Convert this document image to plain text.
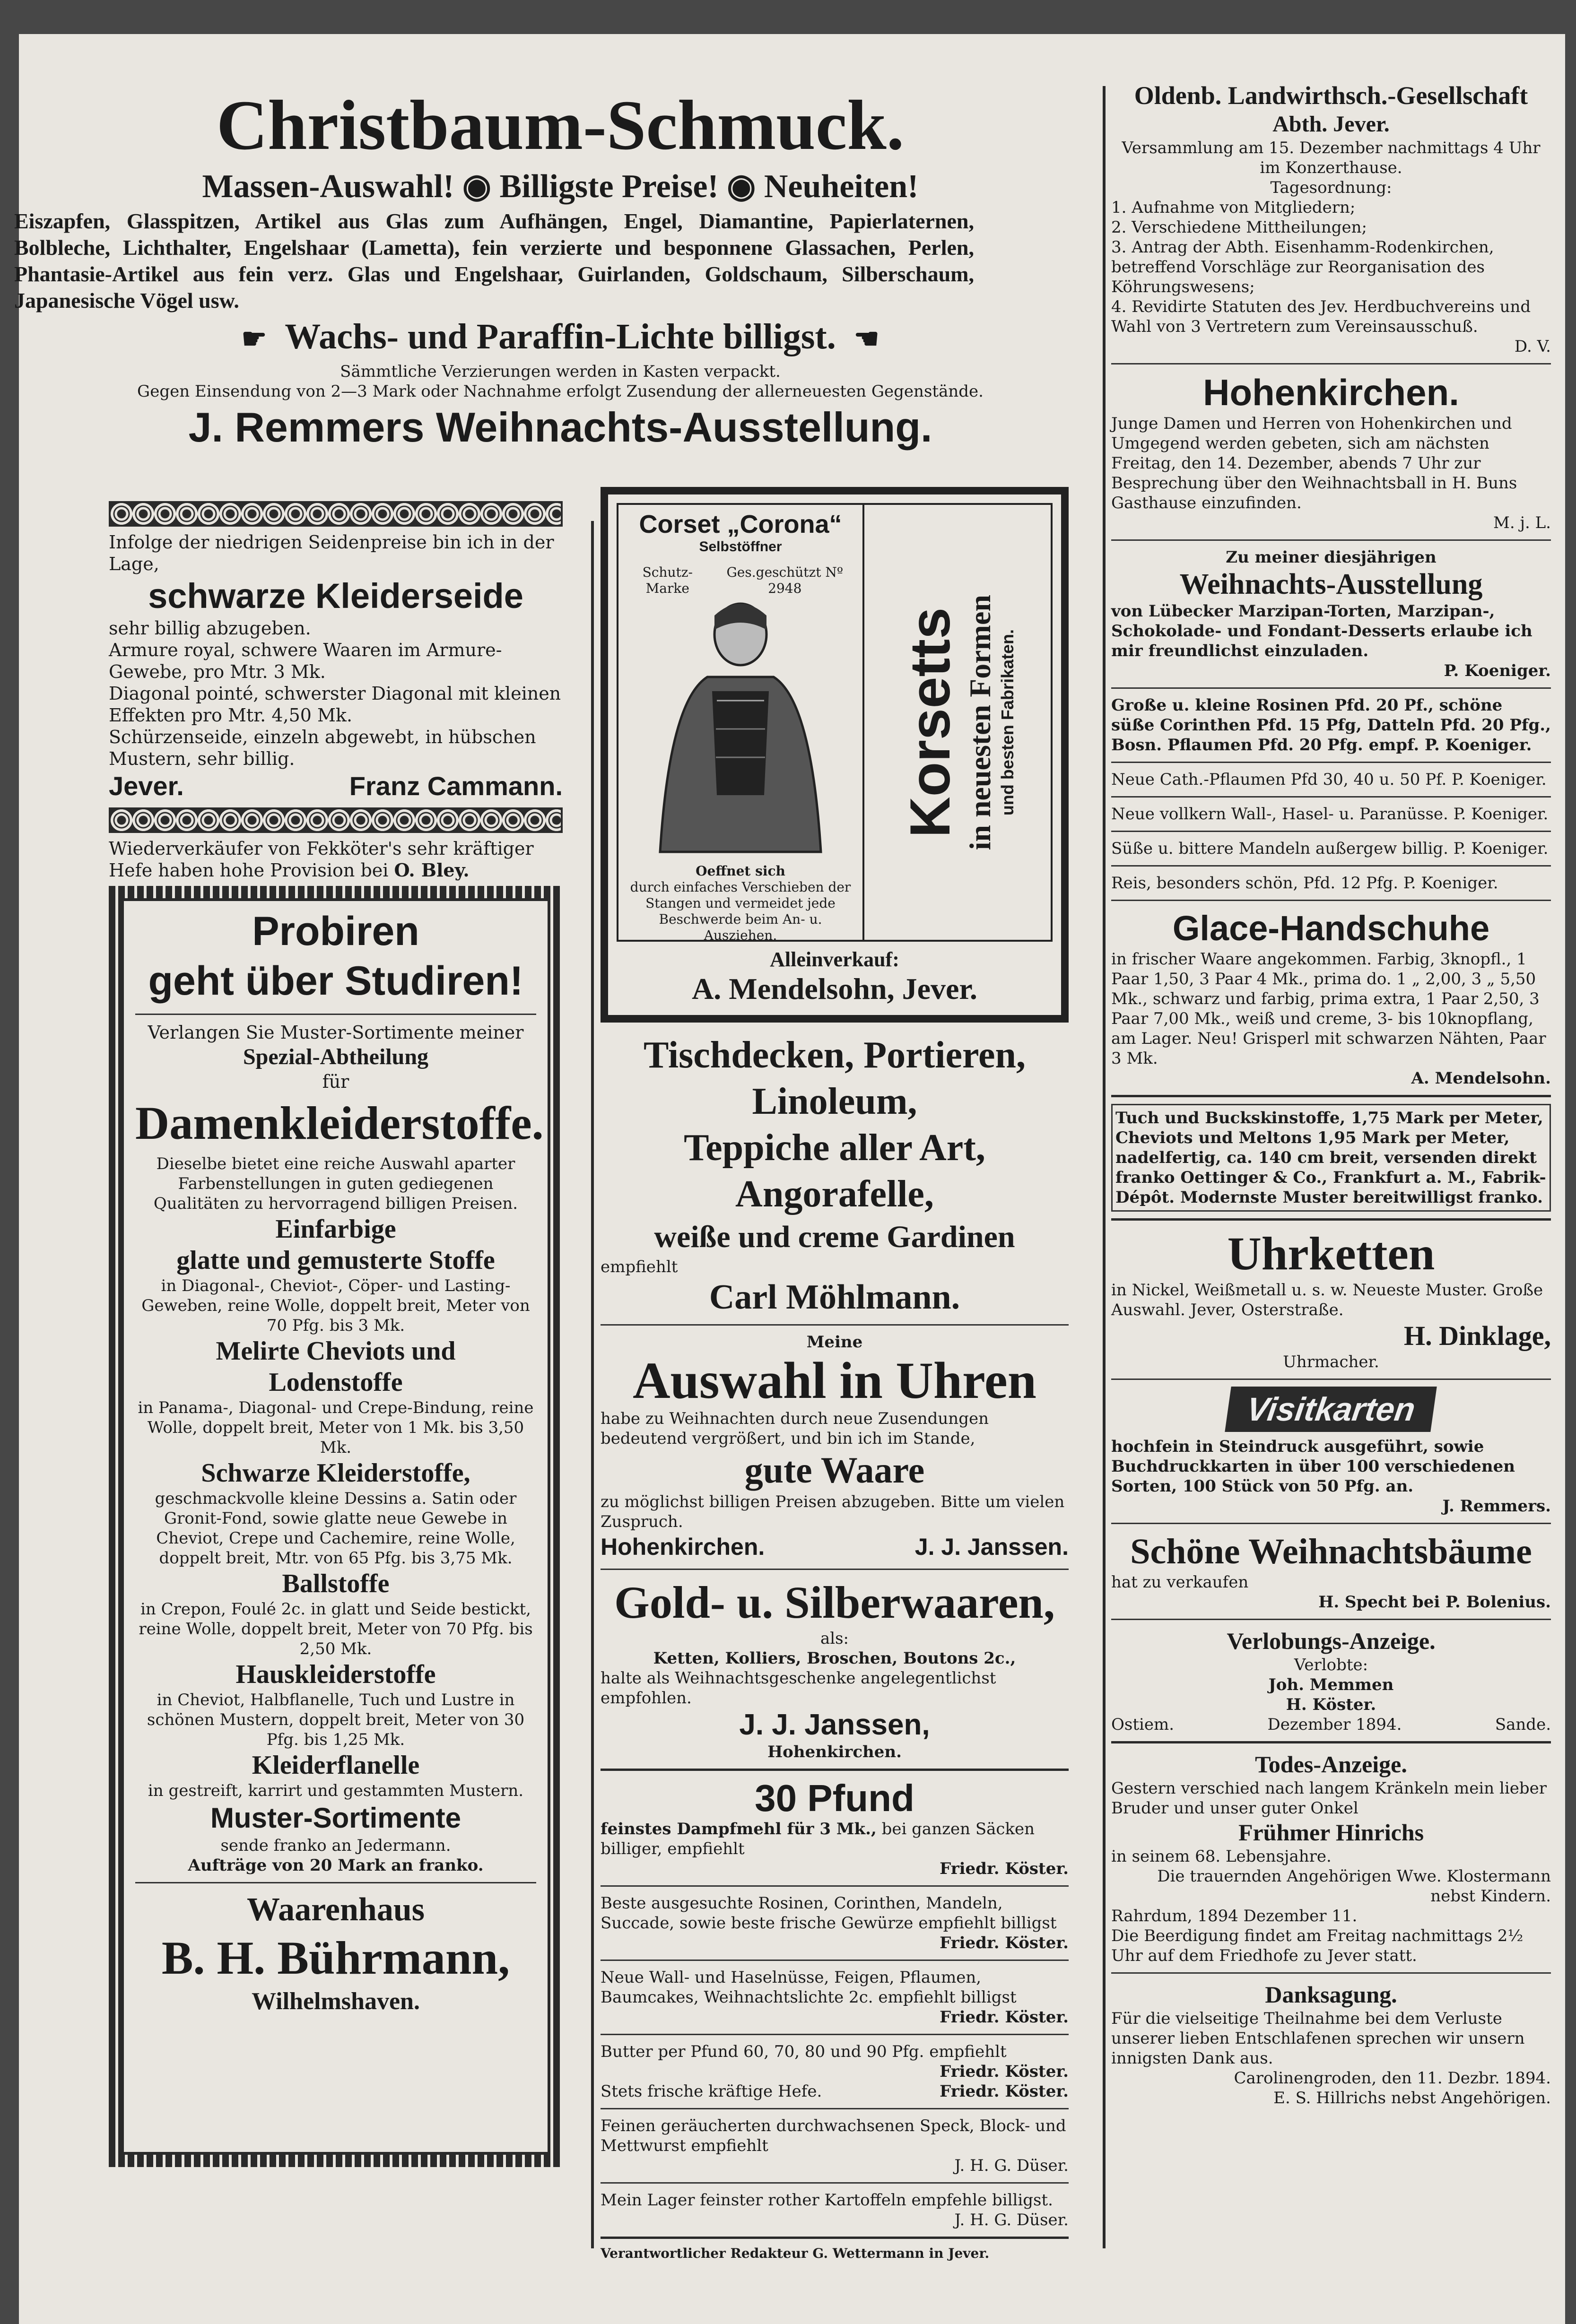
Christbaum-Schmuck.
Massen-Auswahl! ◉ Billigste Preise! ◉ Neuheiten!
Eiszapfen, Glasspitzen, Artikel aus Glas zum Aufhängen, Engel, Diamantine, Papierlaternen, Bolbleche, Lichthalter, Engelshaar (Lametta), fein verzierte und besponnene Glassachen, Perlen, Phantasie-Artikel aus fein verz. Glas und Engelshaar, Guirlanden, Goldschaum, Silberschaum, Japanesische Vögel usw.
☛ Wachs- und Paraffin-Lichte billigst. ☚
Sämmtliche Verzierungen werden in Kasten verpackt.
Gegen Einsendung von 2—3 Mark oder Nachnahme erfolgt Zusendung der allerneuesten Gegenstände.
J. Remmers Weihnachts-Ausstellung.
Infolge der niedrigen Seidenpreise bin ich in der Lage,
schwarze Kleiderseide
sehr billig abzugeben.
Armure royal, schwere Waaren im Armure-Gewebe, pro Mtr. 3 Mk.
Diagonal pointé, schwerster Diagonal mit kleinen Effekten pro Mtr. 4,50 Mk.
Schürzenseide, einzeln abgewebt, in hübschen Mustern, sehr billig.
Jever.	Franz Cammann.
Wiederverkäufer von Fekköter's sehr kräftiger Hefe haben hohe Provision bei O. Bley.
Probiren
geht über Studiren!
Verlangen Sie Muster-Sortimente meiner
Spezial-Abtheilung
für
Damenkleiderstoffe.
Dieselbe bietet eine reiche Auswahl aparter Farbenstellungen in guten gediegenen Qualitäten zu hervorragend billigen Preisen.
Einfarbige
glatte und gemusterte Stoffe
in Diagonal-, Cheviot-, Cöper- und Lasting-Geweben, reine Wolle, doppelt breit, Meter von 70 Pfg. bis 3 Mk.
Melirte Cheviots und
Lodenstoffe
in Panama-, Diagonal- und Crepe-Bindung, reine Wolle, doppelt breit, Meter von 1 Mk. bis 3,50 Mk.
Schwarze Kleiderstoffe,
geschmackvolle kleine Dessins a. Satin oder Gronit-Fond, sowie glatte neue Gewebe in Cheviot, Crepe und Cachemire, reine Wolle, doppelt breit, Mtr. von 65 Pfg. bis 3,75 Mk.
Ballstoffe
in Crepon, Foulé 2c. in glatt und Seide bestickt, reine Wolle, doppelt breit, Meter von 70 Pfg. bis 2,50 Mk.
Hauskleiderstoffe
in Cheviot, Halbflanelle, Tuch und Lustre in schönen Mustern, doppelt breit, Meter von 30 Pfg. bis 1,25 Mk.
Kleiderflanelle
in gestreift, karrirt und gestammten Mustern.
Muster-Sortimente
sende franko an Jedermann.
Aufträge von 20 Mark an franko.
Waarenhaus
B. H. Bührmann,
Wilhelmshaven.
Corset „Corona“
Selbstöffner
Schutz-Marke
Ges.geschützt Nº 2948
Oeffnet sich
durch einfaches Verschieben der Stangen und vermeidet jede Beschwerde beim An- u. Ausziehen.
Korsetts in neuesten Formen und besten Fabrikaten.
Alleinverkauf:
A. Mendelsohn, Jever.
Tischdecken, Portieren,
Linoleum,
Teppiche aller Art,
Angorafelle,
weiße und creme Gardinen
empfiehlt
Carl Möhlmann.
Meine
Auswahl in Uhren
habe zu Weihnachten durch neue Zusendungen bedeutend vergrößert, und bin ich im Stande,
gute Waare
zu möglichst billigen Preisen abzugeben. Bitte um vielen Zuspruch.
Hohenkirchen.	J. J. Janssen.
Gold- u. Silberwaaren,
als:
Ketten, Kolliers, Broschen, Boutons 2c.,
halte als Weihnachtsgeschenke angelegentlichst empfohlen.
J. J. Janssen,
Hohenkirchen.
30 Pfund
feinstes Dampfmehl für 3 Mk., bei ganzen Säcken billiger, empfiehlt
Friedr. Köster.
Beste ausgesuchte Rosinen, Corinthen, Mandeln, Succade, sowie beste frische Gewürze empfiehlt billigst
Friedr. Köster.
Neue Wall- und Haselnüsse, Feigen, Pflaumen, Baumcakes, Weihnachtslichte 2c. empfiehlt billigst
Friedr. Köster.
Butter per Pfund 60, 70, 80 und 90 Pfg. empfiehlt
Friedr. Köster.
Stets frische kräftige Hefe.	Friedr. Köster.
Feinen geräucherten durchwachsenen Speck, Block- und Mettwurst empfiehlt
J. H. G. Düser.
Mein Lager feinster rother Kartoffeln empfehle billigst.
J. H. G. Düser.
Verantwortlicher Redakteur G. Wettermann in Jever.
Oldenb. Landwirthsch.-Gesellschaft
Abth. Jever.
Versammlung am 15. Dezember nachmittags 4 Uhr im Konzerthause.
Tagesordnung:
1. Aufnahme von Mitgliedern;
2. Verschiedene Mittheilungen;
3. Antrag der Abth. Eisenhamm-Rodenkirchen, betreffend Vorschläge zur Reorganisation des Köhrungswesens;
4. Revidirte Statuten des Jev. Herdbuchvereins und Wahl von 3 Vertretern zum Vereinsausschuß.
D. V.
Hohenkirchen.
Junge Damen und Herren von Hohenkirchen und Umgegend werden gebeten, sich am nächsten Freitag, den 14. Dezember, abends 7 Uhr zur Besprechung über den Weihnachtsball in H. Buns Gasthause einzufinden.
M. j. L.
Zu meiner diesjährigen
Weihnachts-Ausstellung
von Lübecker Marzipan-Torten, Marzipan-, Schokolade- und Fondant-Desserts erlaube ich mir freundlichst einzuladen.
P. Koeniger.
Große u. kleine Rosinen Pfd. 20 Pf., schöne süße Corinthen Pfd. 15 Pfg, Datteln Pfd. 20 Pfg., Bosn. Pflaumen Pfd. 20 Pfg. empf. P. Koeniger.
Neue Cath.-Pflaumen Pfd 30, 40 u. 50 Pf. P. Koeniger.
Neue vollkern Wall-, Hasel- u. Paranüsse. P. Koeniger.
Süße u. bittere Mandeln außergew billig. P. Koeniger.
Reis, besonders schön, Pfd. 12 Pfg. P. Koeniger.
Glace-Handschuhe
in frischer Waare angekommen. Farbig, 3knopfl., 1 Paar 1,50, 3 Paar 4 Mk., prima do. 1 „ 2,00, 3 „ 5,50 Mk., schwarz und farbig, prima extra, 1 Paar 2,50, 3 Paar 7,00 Mk., weiß und creme, 3- bis 10knopflang, am Lager. Neu! Grisperl mit schwarzen Nähten, Paar 3 Mk.
A. Mendelsohn.
Tuch und Buckskinstoffe, 1,75 Mark per Meter, Cheviots und Meltons 1,95 Mark per Meter, nadelfertig, ca. 140 cm breit, versenden direkt franko Oettinger & Co., Frankfurt a. M., Fabrik-Dépôt. Modernste Muster bereitwilligst franko.
Uhrketten
in Nickel, Weißmetall u. s. w. Neueste Muster. Große Auswahl. Jever, Osterstraße.
H. Dinklage,
Uhrmacher.
Visitkarten
hochfein in Steindruck ausgeführt, sowie Buchdruckkarten in über 100 verschiedenen Sorten, 100 Stück von 50 Pfg. an.
J. Remmers.
Schöne Weihnachtsbäume
hat zu verkaufen
H. Specht bei P. Bolenius.
Verlobungs-Anzeige.
Verlobte:
Joh. Memmen
H. Köster.
Ostiem.	Dezember 1894.	Sande.
Todes-Anzeige.
Gestern verschied nach langem Kränkeln mein lieber Bruder und unser guter Onkel
Frühmer Hinrichs
in seinem 68. Lebensjahre.
Die trauernden Angehörigen Wwe. Klostermann nebst Kindern.
Rahrdum, 1894 Dezember 11.
Die Beerdigung findet am Freitag nachmittags 2½ Uhr auf dem Friedhofe zu Jever statt.
Danksagung.
Für die vielseitige Theilnahme bei dem Verluste unserer lieben Entschlafenen sprechen wir unsern innigsten Dank aus.
Carolinengroden, den 11. Dezbr. 1894.
E. S. Hillrichs nebst Angehörigen.
